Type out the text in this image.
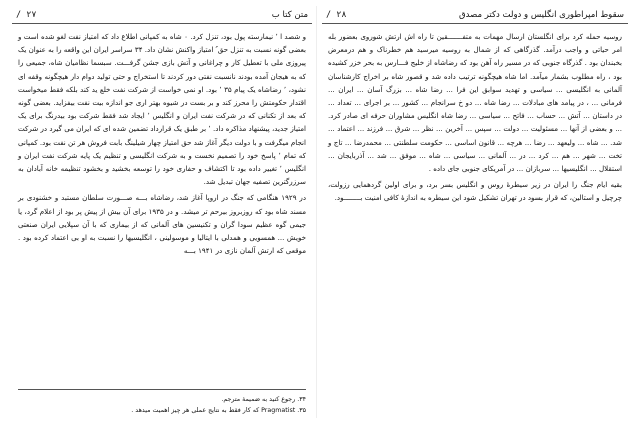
متن کتا ب
۲۷ /

و شصد ا ٬ نیمارسته پول بود، تنزل کرد. ۰ شاه به کمپانی اطلاع داد که امتیاز نفت لغو شده است و بعضی گونه نسبت به تنزل حق ُ امتیاز واکنش نشان داد. ۳۴ سراسر ایران این واقعه را به عنوان یک پیروزی ملی با تعطیل کار و چراغانی و آتش بازی جشن گرفـــت. سبسما نظامیان شاه، جمیعی را که به هیجان آمده بودند نانسبت نفتی دور کردند تا استخراج و حتی تولید دوام دار هیچگونه وقفه ای نشود، ٬ رضاشاه یک پیام ۳۵ ٬ بود. او نمی خواست از شرکت نفت خلع ید کند بلکه فقط میخواست اقتدار حکومتش را محرز کند و بر بست در شیوه بهتر اری جو اندازه بیت نفت بیفزاید. بعضی گونه که بعد از تکنانی که در شرکت نفت ایران و انگلیس ٬ ایجاد شد فقط شرکت بود بیدرنگ برای یک امتیاز جدید، پیشنهاد مذاکره داد. ٬ بر طبق یک قرارداد تضمین شده ای که ایران می گیرد در شرکت انجام میگرفت و با دولت دیگر آغاز شد حق امتیاز چهار شیلینگ بابت فروش هر تن نفت بود. کمپانی که تمام ٬ پاسخ خود را تصمیم نخست و به شرکت انگلیسی و تنظیم یک پایه شرکت نفت ایران و انگلیس ٬ تغییر داده بود تا اکتشاف و حفاری خود را توسعه بخشید و بخشود تنظیمه خانه آبادان به سرزرگترین تصفیه جهان تبدیل شد.

در ۱۹۲۹ هنگامی که جنگ در اروپا آغاز شد، رضاشاه بـــه صـــورت سلطان مستبد و خشنودی بر مسند شاه بود که روزبروز بیرحم تر میشد. و در ۱۹۳۵ برای آن بیش از پیش پر بود از اعلام گرد، یا جیمی گوه عظیم سودا گران و تکنیسین های آلمانی که از بیماری که با آن سپلایی ایران صنعتی خویش ... همسویی و همدلی با ایتالیا و موسولینی ، انگلیسیها را نسبت به او بی اعتماد کرده بود . موقعی که ارتش آلمان نازی در ۱۹۴۱ بـــه

۳۴. رجوع کنید به ضمیمهٔ مترجم.
۳۵. Pragmatist که کار فقط به نتایج عملی هر چیز اهمیت میدهد .
سقوط امپراطوری انگلیس و دولت دکتر مصدق
۲۸ /

روسیه حمله کرد برای انگلستان ارسال مهمات به متفـــــــقین تا راه اش ارتش شوروی بعضور بله امر حیاتی و واجب درآمد. گذرگاهی که از شمال به روسیه میرسید هم خطرناک و هم درمعرض بخبندان بود . گذرگاه جنوبی که در مسیر راه آهن بود که رضاشاه از خلیج فـــارس به بحر خزر کشیده بود ، راه مطلوب بشمار میآمد. اما شاه هیچگونه ترتیب داده شد و قصور شاه بر اخراج کارشناسان آلمانی به انگلیسی ... سیاسی و تهدید سوابق این فرا ... رضا شاه ... بزرگ آسان ... ایران ... فرمانی ... ، در پیامد های مبادلات ... رضا شاه ... دو خ سرانجام ... کشور ... بر اجرای ... تعداد ... در داستان ... آتش ... حساب ... فاتح ... سیاسی ... رضا شاه انگلیس مشاوران حرفه ای صادر کرد. ... و بعضی از آنها ... مسئولیت ... دولت ... سپس ... آخرین ... نظر ... شرق ... فرزند ... اعتماد ... شد. ... شاه ... ولیعهد ... رضا ... هرچه ... قانون اساسی ... حکومت سلطنتی ... محمدرضا ... تاج و تخت ... شهر ... هم ... کرد ... در ... آلمانی ... سیاسی ... شاه ... موفق ... شد ... آذربایجان ... استقلال ... انگلیسیها ... سربازان ... در آمریکای جنوبی جای داده .

بقیه ایام جنگ را ایران در زیر سیطرهٔ روس و انگلیس بسر برد، و برای اولین گردهمایی رزولت، چرچیل و استالین، که قرار بسود در تهران تشکیل شود این سیطره به اندازهٔ کافی امنیت بــــــــود.
